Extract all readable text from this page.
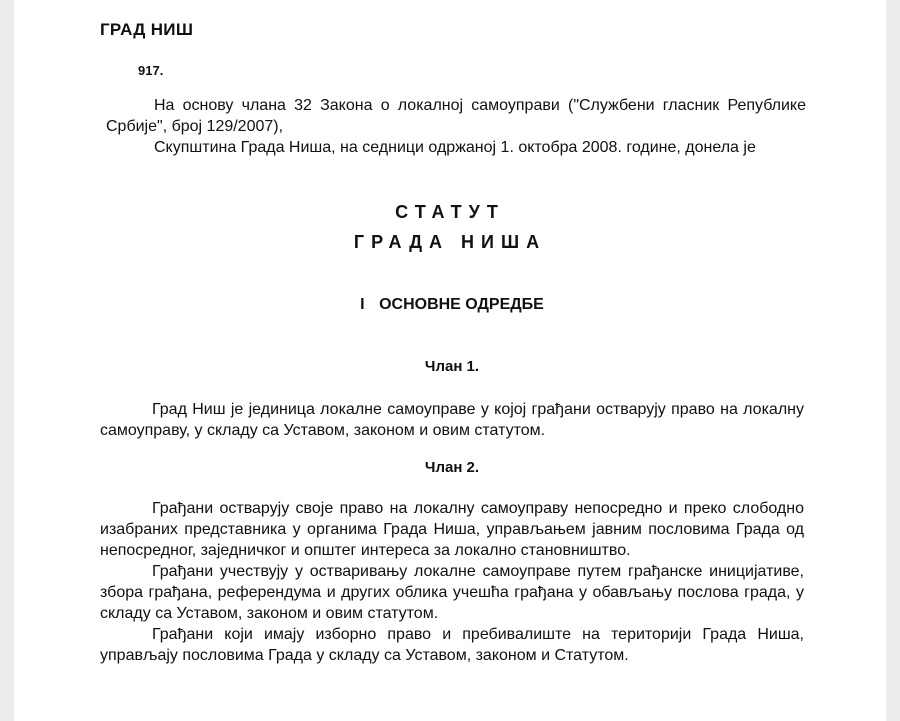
ГРАД НИШ
917.
На основу члана 32 Закона о локалној самоуправи ("Службени гласник Републике Србије", број 129/2007),
Скупштина Града Ниша, на седници одржаној 1. октобра 2008. године, донела је
СТАТУТ
ГРАДА НИША
I ОСНОВНЕ ОДРЕДБЕ
Члан 1.
Град Ниш је јединица локалне самоуправе у којој грађани остварују право на локалну самоуправу, у складу са Уставом, законом и овим статутом.
Члан 2.
Грађани остварују своје право на локалну самоуправу непосредно и преко слободно изабраних представника у органима Града Ниша, управљањем јавним пословима Града од непосредног, заједничког и општег интереса за локално становништво.
Грађани учествују у остваривању локалне самоуправе путем грађанске иницијативе, збора грађана, референдума и других облика учешћа грађана у обављању послова града, у складу са Уставом, законом и овим статутом.
Грађани који имају изборно право и пребивалиште на територији Града Ниша, управљају пословима Града у складу са Уставом, законом и Статутом.
